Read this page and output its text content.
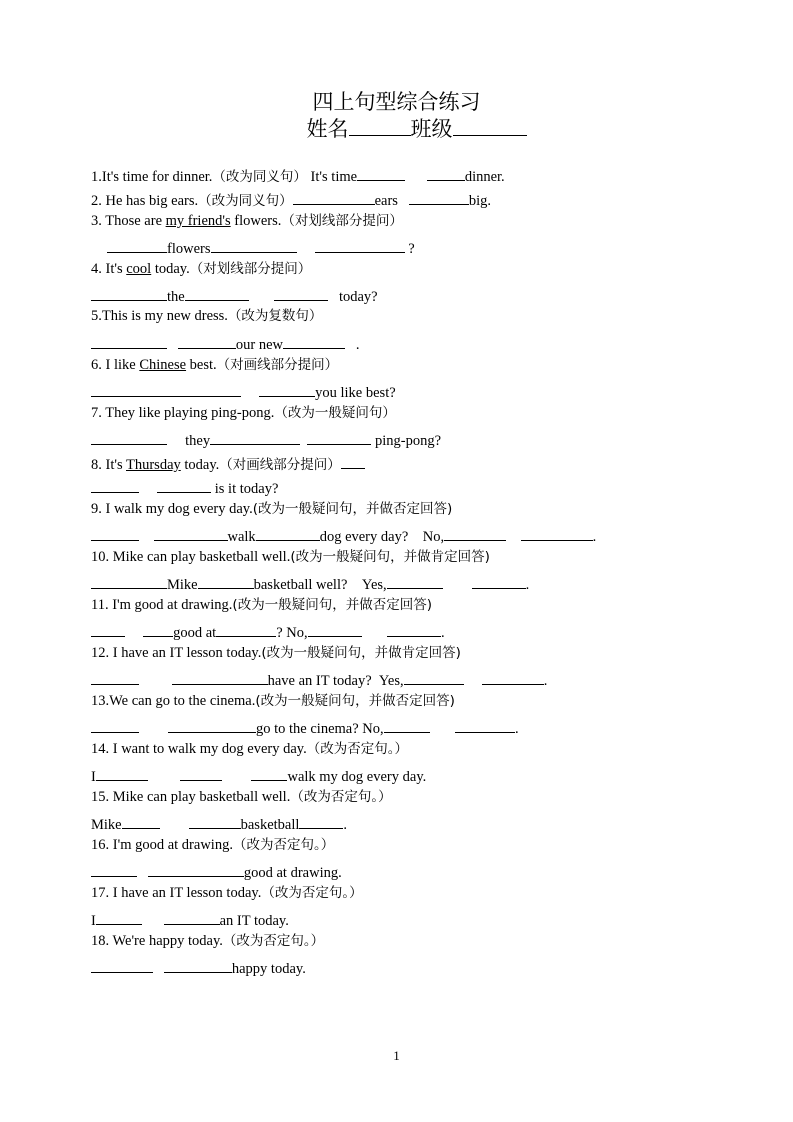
四上句型综合练习
姓名	班级
1.It's time for dinner.（改为同义句） It's time	dinner.
2. He has big ears.（改为同义句）	ears	big.
3. Those are my friend's flowers.（对划线部分提问）
flowers	?
4. It's cool today.（对划线部分提问）
the	today?
5.This is my new dress.（改为复数句）
our new	.
6. I like Chinese best.（对画线部分提问）
you like best?
7. They like playing ping-pong.（改为一般疑问句）
they	ping-pong?
8. It's Thursday today.（对画线部分提问）
is it today?
9. I walk my dog every day.(改为一般疑问句，并做否定回答)
walk	dog every day? No,	.
10. Mike can play basketball well.(改为一般疑问句，并做肯定回答)
Mike	basketball well? Yes,	.
11. I'm good at drawing.(改为一般疑问句，并做否定回答)
good at	? No,	.
12. I have an IT lesson today.(改为一般疑问句，并做肯定回答)
have an IT today? Yes,	.
13.We can go to the cinema.(改为一般疑问句，并做否定回答)
go to the cinema? No,	.
14. I want to walk my dog every day.（改为否定句。）
I	walk my dog every day.
15. Mike can play basketball well.（改为否定句。）
Mike	basketball	.
16. I'm good at drawing.（改为否定句。）
good at drawing.
17. I have an IT lesson today.（改为否定句。）
I	an IT today.
18. We're happy today.（改为否定句。）
happy today.
1
